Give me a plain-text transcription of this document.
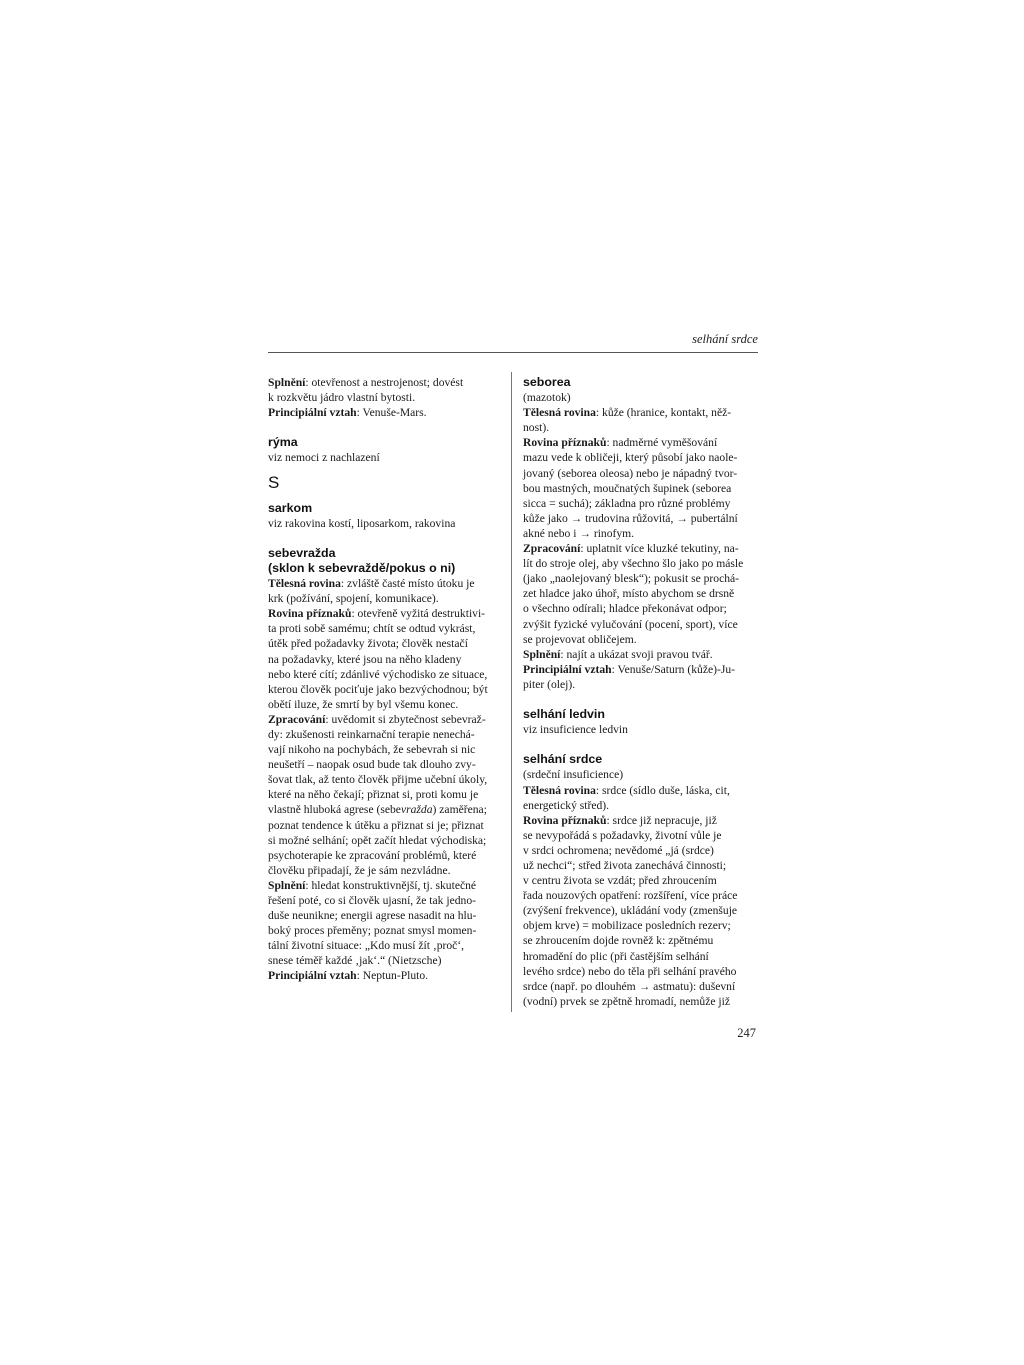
selhání srdce
Splnění: otevřenost a nestrojenost; dovést
k rozkvětu jádro vlastní bytosti.
Principiální vztah: Venuše-Mars.
rýma
viz nemoci z nachlazení
S
sarkom
viz rakovina kostí, liposarkom, rakovina
sebevražda
(sklon k sebevraždě/pokus o ni)
Tělesná rovina: zvláště časté místo útoku je
krk (požívání, spojení, komunikace).
Rovina příznaků: otevřeně vyžitá destruktivi-
ta proti sobě samému; chtít se odtud vykrást,
útěk před požadavky života; člověk nestačí
na požadavky, které jsou na něho kladeny
nebo které cítí; zdánlivé východisko ze situace,
kterou člověk pociťuje jako bezvýchodnou; být
obětí iluze, že smrtí by byl všemu konec.
Zpracování: uvědomit si zbytečnost sebevraž-
dy: zkušenosti reinkarnační terapie nenechá-
vají nikoho na pochybách, že sebevrah si nic
neušetří – naopak osud bude tak dlouho zvy-
šovat tlak, až tento člověk přijme učební úkoly,
které na něho čekají; přiznat si, proti komu je
vlastně hluboká agrese (sebevražda) zaměřena;
poznat tendence k útěku a přiznat si je; přiznat
si možné selhání; opět začít hledat východiska;
psychoterapie ke zpracování problémů, které
člověku připadají, že je sám nezvládne.
Splnění: hledat konstruktivnější, tj. skutečné
řešení poté, co si člověk ujasní, že tak jedno-
duše neunikne; energii agrese nasadit na hlu-
boký proces přeměny; poznat smysl momen-
tální životní situace: „Kdo musí žít ‚proč‘,
snese téměř každé ‚jak‘.“ (Nietzsche)
Principiální vztah: Neptun-Pluto.
seborea
(mazotok)
Tělesná rovina: kůže (hranice, kontakt, něž-
nost).
Rovina příznaků: nadměrné vyměšování
mazu vede k obličeji, který působí jako naole-
jovaný (seborea oleosa) nebo je nápadný tvor-
bou mastných, moučnatých šupinek (seborea
sicca = suchá); základna pro různé problémy
kůže jako → trudovina růžovitá, → pubertální
akné nebo i → rinofym.
Zpracování: uplatnit více kluzké tekutiny, na-
lít do stroje olej, aby všechno šlo jako po másle
(jako „naolejovaný blesk“); pokusit se prochá-
zet hladce jako úhoř, místo abychom se drsně
o všechno odírali; hladce překonávat odpor;
zvýšit fyzické vylučování (pocení, sport), více
se projevovat obličejem.
Splnění: najít a ukázat svoji pravou tvář.
Principiální vztah: Venuše/Saturn (kůže)-Ju-
piter (olej).
selhání ledvin
viz insuficience ledvin
selhání srdce
(srdeční insuficience)
Tělesná rovina: srdce (sídlo duše, láska, cit,
energetický střed).
Rovina příznaků: srdce již nepracuje, již
se nevypořádá s požadavky, životní vůle je
v srdci ochromena; nevědomé „já (srdce)
už nechci“; střed života zanechává činnosti;
v centru života se vzdát; před zhroucením
řada nouzových opatření: rozšíření, více práce
(zvýšení frekvence), ukládání vody (zmenšuje
objem krve) = mobilizace posledních rezerv;
se zhroucením dojde rovněž k: zpětnému
hromadění do plic (při častějším selhání
levého srdce) nebo do těla při selhání pravého
srdce (např. po dlouhém → astmatu): duševní
(vodní) prvek se zpětně hromadí, nemůže již
247
